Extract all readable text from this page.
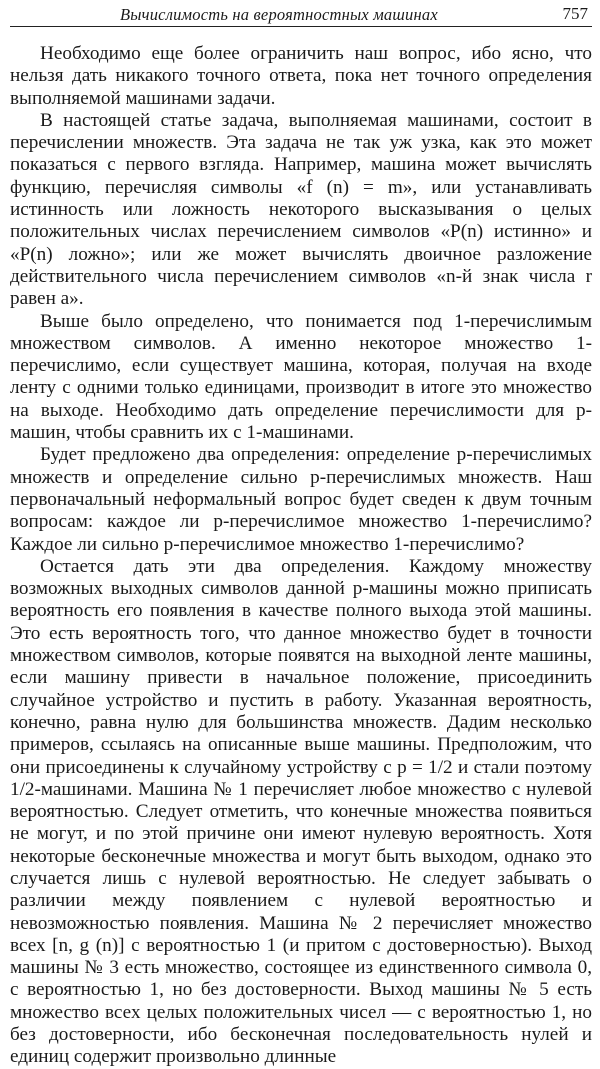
Вычислимость на вероятностных машинах	757

Необходимо еще более ограничить наш вопрос, ибо ясно, что нельзя дать никакого точного ответа, пока нет точного определения выполняемой машинами задачи.

В настоящей статье задача, выполняемая машинами, состоит в перечислении множеств. Эта задача не так уж узка, как это может показаться с первого взгляда. Например, машина может вычислять функцию, перечисляя символы «f (n) = m», или устанавливать истинность или ложность некоторого высказывания о целых положительных числах перечислением символов «P(n) истинно» и «P(n) ложно»; или же может вычислять двоичное разложение действительного числа перечислением символов «n-й знак числа r равен a».

Выше было определено, что понимается под 1-перечислимым множеством символов. А именно некоторое множество 1-перечислимо, если существует машина, которая, получая на входе ленту с одними только единицами, производит в итоге это множество на выходе. Необходимо дать определение перечислимости для p-машин, чтобы сравнить их с 1-машинами.

Будет предложено два определения: определение p-перечислимых множеств и определение сильно p-перечислимых множеств. Наш первоначальный неформальный вопрос будет сведен к двум точным вопросам: каждое ли p-перечислимое множество 1-перечислимо? Каждое ли сильно p-перечислимое множество 1-перечислимо?

Остается дать эти два определения. Каждому множеству возможных выходных символов данной p-машины можно приписать вероятность его появления в качестве полного выхода этой машины. Это есть вероятность того, что данное множество будет в точности множеством символов, которые появятся на выходной ленте машины, если машину привести в начальное положение, присоединить случайное устройство и пустить в работу. Указанная вероятность, конечно, равна нулю для большинства множеств. Дадим несколько примеров, ссылаясь на описанные выше машины. Предположим, что они присоединены к случайному устройству с p = 1/2 и стали поэтому 1/2-машинами. Машина № 1 перечисляет любое множество с нулевой вероятностью. Следует отметить, что конечные множества появиться не могут, и по этой причине они имеют нулевую вероятность. Хотя некоторые бесконечные множества и могут быть выходом, однако это случается лишь с нулевой вероятностью. Не следует забывать о различии между появлением с нулевой вероятностью и невозможностью появления. Машина № 2 перечисляет множество всех [n, g (n)] с вероятностью 1 (и притом с достоверностью). Выход машины № 3 есть множество, состоящее из единственного символа 0, с вероятностью 1, но без достоверности. Выход машины № 5 есть множество всех целых положительных чисел — с вероятностью 1, но без достоверности, ибо бесконечная последовательность нулей и единиц содержит произвольно длинные
